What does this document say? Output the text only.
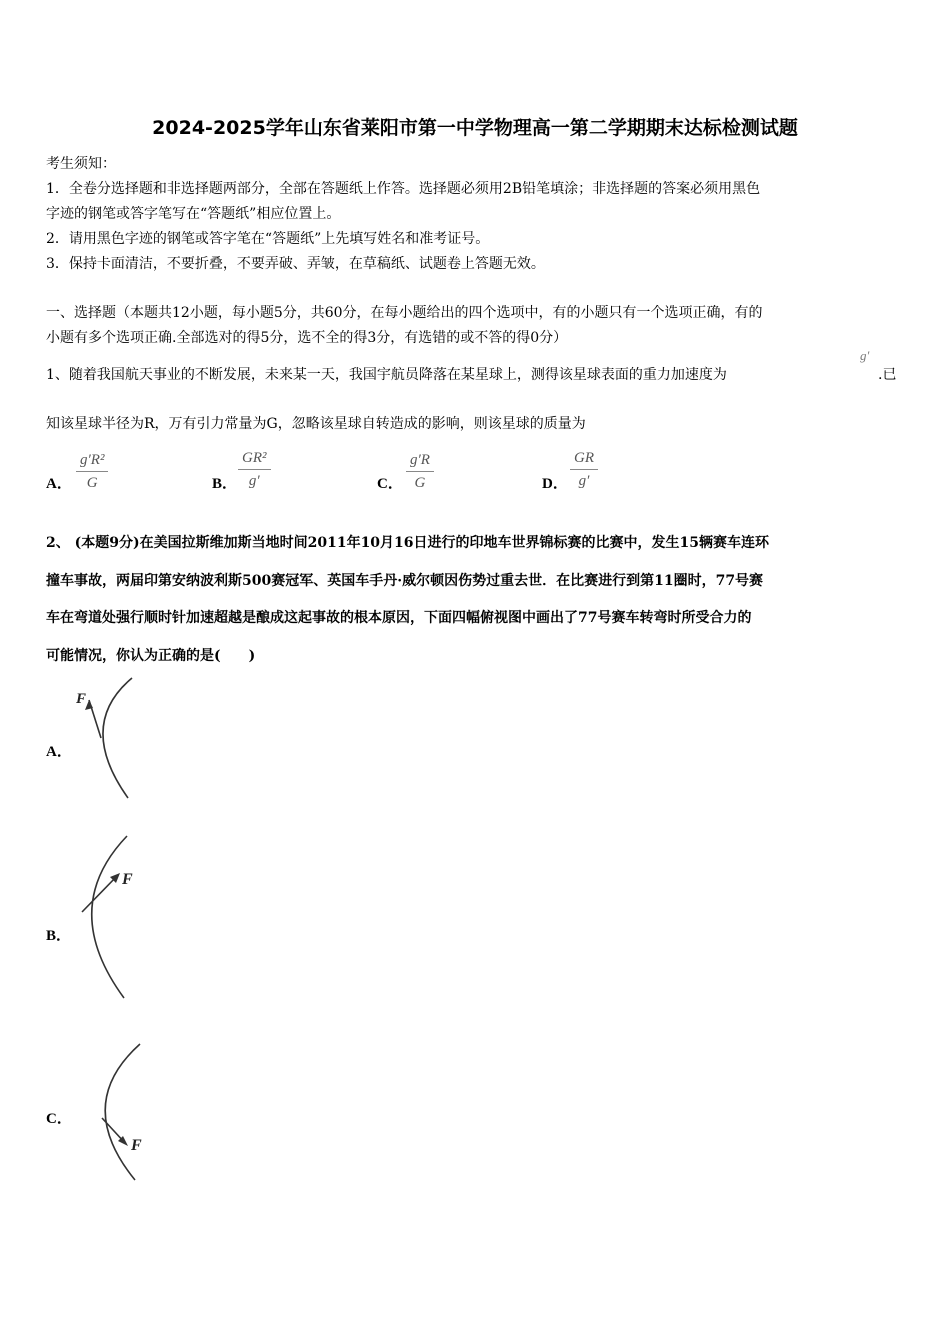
2024-2025学年山东省莱阳市第一中学物理高一第二学期期末达标检测试题
考生须知：
1．全卷分选择题和非选择题两部分，全部在答题纸上作答。选择题必须用2B铅笔填涂；非选择题的答案必须用黑色
字迹的钢笔或答字笔写在“答题纸”相应位置上。
2．请用黑色字迹的钢笔或答字笔在“答题纸”上先填写姓名和准考证号。
3．保持卡面清洁，不要折叠，不要弄破、弄皱，在草稿纸、试题卷上答题无效。
一、选择题（本题共12小题，每小题5分，共60分，在每小题给出的四个选项中，有的小题只有一个选项正确，有的
小题有多个选项正确.全部选对的得5分，选不全的得3分，有选错的或不答的得0分）
1、随着我国航天事业的不断发展，未来某一天，我国宇航员降落在某星球上，测得该星球表面的重力加速度为
g′
.已
知该星球半径为R，万有引力常量为G，忽略该星球自转造成的影响，则该星球的质量为
A． $\frac{\text{g′R²}}{G}$	B． $\frac{\text{GR²}}{g'}$	C． $\frac{g'R}{G}$	D． $\frac{GR}{g'}$
2、 (本题9分)在美国拉斯维加斯当地时间2011年10月16日进行的印地车世界锦标赛的比赛中，发生15辆赛车连环
撞车事故，两届印第安纳波利斯500赛冠军、英国车手丹·威尔顿因伤势过重去世．在比赛进行到第11圈时，77号赛
车在弯道处强行顺时针加速超越是酿成这起事故的根本原因，下面四幅俯视图中画出了77号赛车转弯时所受合力的
可能情况，你认为正确的是(　　)
A．
F
B．
F
C．
F
